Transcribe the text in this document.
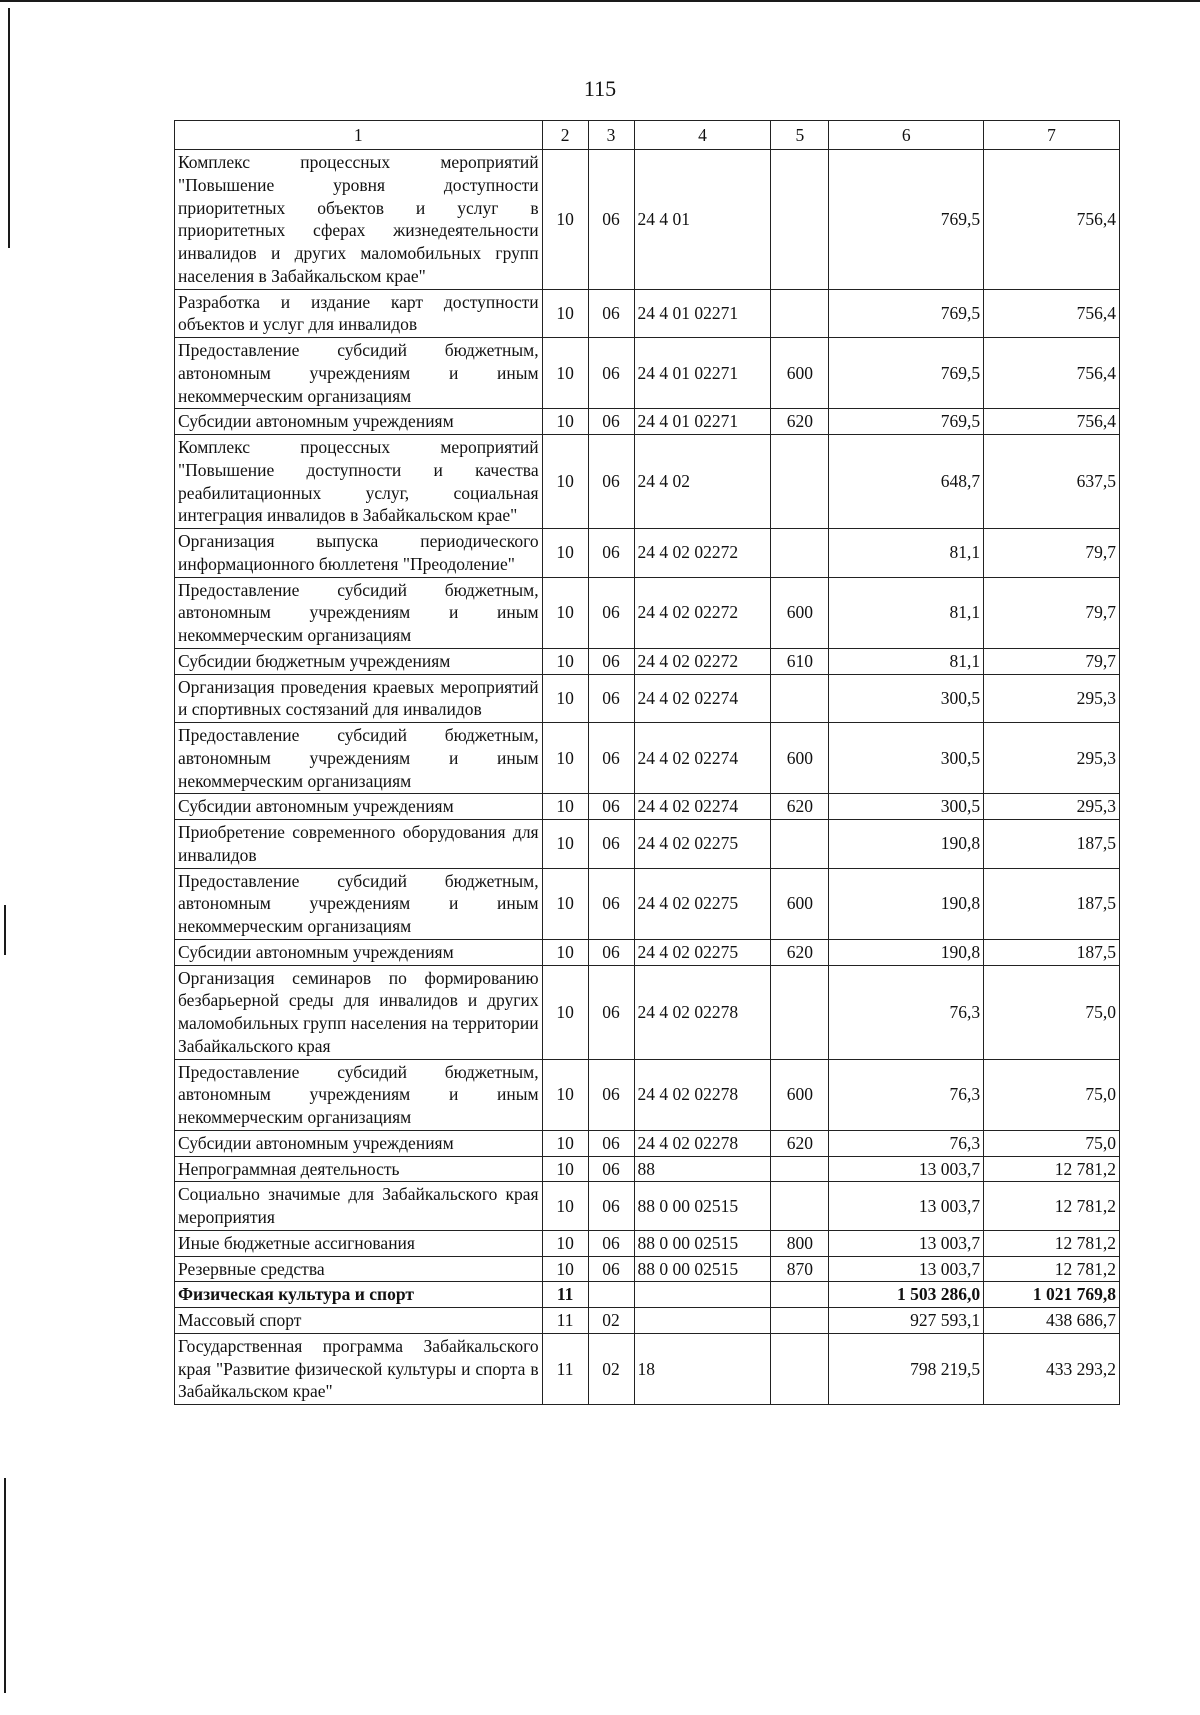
115
1	2	3	4	5	6	7
Комплекс процессных мероприятий "Повышение уровня доступности приоритетных объектов и услуг в приоритетных сферах жизнедеятельности инвалидов и других маломобильных групп населения в Забайкальском крае"	10	06	24 4 01		769,5	756,4
Разработка и издание карт доступности объектов и услуг для инвалидов	10	06	24 4 01 02271		769,5	756,4
Предоставление субсидий бюджетным, автономным учреждениям и иным некоммерческим организациям	10	06	24 4 01 02271	600	769,5	756,4
Субсидии автономным учреждениям	10	06	24 4 01 02271	620	769,5	756,4
Комплекс процессных мероприятий "Повышение доступности и качества реабилитационных услуг, социальная интеграция инвалидов в Забайкальском крае"	10	06	24 4 02		648,7	637,5
Организация выпуска периодического информационного бюллетеня "Преодоление"	10	06	24 4 02 02272		81,1	79,7
Предоставление субсидий бюджетным, автономным учреждениям и иным некоммерческим организациям	10	06	24 4 02 02272	600	81,1	79,7
Субсидии бюджетным учреждениям	10	06	24 4 02 02272	610	81,1	79,7
Организация проведения краевых мероприятий и спортивных состязаний для инвалидов	10	06	24 4 02 02274		300,5	295,3
Предоставление субсидий бюджетным, автономным учреждениям и иным некоммерческим организациям	10	06	24 4 02 02274	600	300,5	295,3
Субсидии автономным учреждениям	10	06	24 4 02 02274	620	300,5	295,3
Приобретение современного оборудования для инвалидов	10	06	24 4 02 02275		190,8	187,5
Предоставление субсидий бюджетным, автономным учреждениям и иным некоммерческим организациям	10	06	24 4 02 02275	600	190,8	187,5
Субсидии автономным учреждениям	10	06	24 4 02 02275	620	190,8	187,5
Организация семинаров по формированию безбарьерной среды для инвалидов и других маломобильных групп населения на территории Забайкальского края	10	06	24 4 02 02278		76,3	75,0
Предоставление субсидий бюджетным, автономным учреждениям и иным некоммерческим организациям	10	06	24 4 02 02278	600	76,3	75,0
Субсидии автономным учреждениям	10	06	24 4 02 02278	620	76,3	75,0
Непрограммная деятельность	10	06	88		13 003,7	12 781,2
Социально значимые для Забайкальского края мероприятия	10	06	88 0 00 02515		13 003,7	12 781,2
Иные бюджетные ассигнования	10	06	88 0 00 02515	800	13 003,7	12 781,2
Резервные средства	10	06	88 0 00 02515	870	13 003,7	12 781,2
Физическая культура и спорт	11				1 503 286,0	1 021 769,8
Массовый спорт	11	02			927 593,1	438 686,7
Государственная программа Забайкальского края "Развитие физической культуры и спорта в Забайкальском крае"	11	02	18		798 219,5	433 293,2
